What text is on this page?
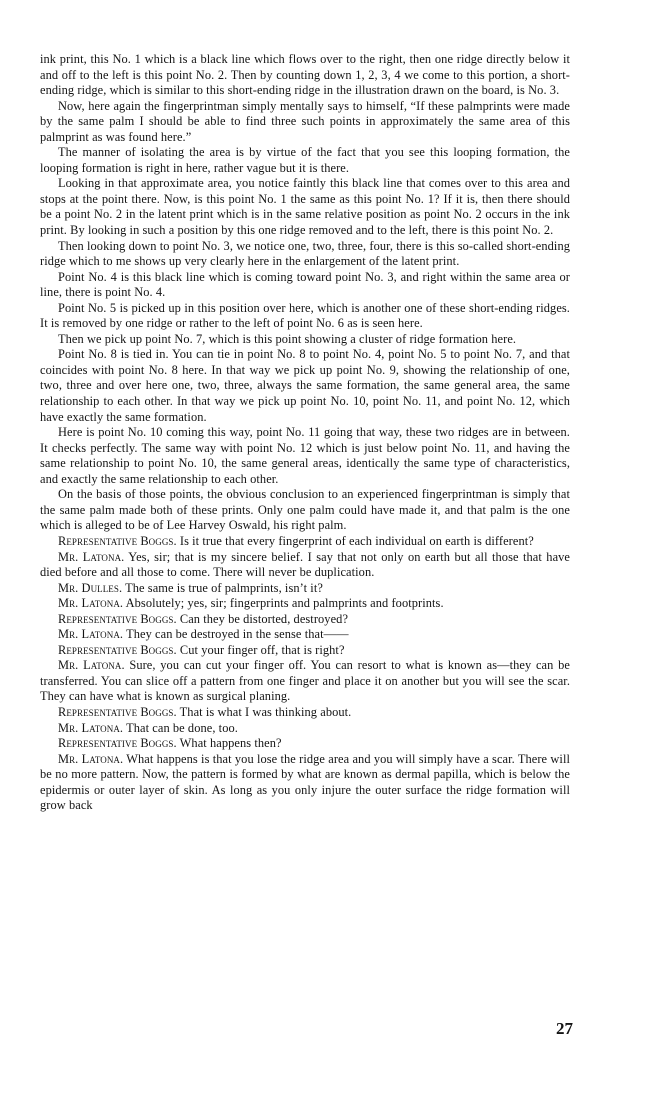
ink print, this No. 1 which is a black line which flows over to the right, then one ridge directly below it and off to the left is this point No. 2. Then by counting down 1, 2, 3, 4 we come to this portion, a short-ending ridge, which is similar to this short-ending ridge in the illustration drawn on the board, is No. 3.

Now, here again the fingerprintman simply mentally says to himself, “If these palmprints were made by the same palm I should be able to find three such points in approximately the same area of this palmprint as was found here.”

The manner of isolating the area is by virtue of the fact that you see this looping formation, the looping formation is right in here, rather vague but it is there.

Looking in that approximate area, you notice faintly this black line that comes over to this area and stops at the point there. Now, is this point No. 1 the same as this point No. 1? If it is, then there should be a point No. 2 in the latent print which is in the same relative position as point No. 2 occurs in the ink print. By looking in such a position by this one ridge removed and to the left, there is this point No. 2.

Then looking down to point No. 3, we notice one, two, three, four, there is this so-called short-ending ridge which to me shows up very clearly here in the enlargement of the latent print.

Point No. 4 is this black line which is coming toward point No. 3, and right within the same area or line, there is point No. 4.

Point No. 5 is picked up in this position over here, which is another one of these short-ending ridges. It is removed by one ridge or rather to the left of point No. 6 as is seen here.

Then we pick up point No. 7, which is this point showing a cluster of ridge formation here.

Point No. 8 is tied in. You can tie in point No. 8 to point No. 4, point No. 5 to point No. 7, and that coincides with point No. 8 here. In that way we pick up point No. 9, showing the relationship of one, two, three and over here one, two, three, always the same formation, the same general area, the same relationship to each other. In that way we pick up point No. 10, point No. 11, and point No. 12, which have exactly the same formation.

Here is point No. 10 coming this way, point No. 11 going that way, these two ridges are in between. It checks perfectly. The same way with point No. 12 which is just below point No. 11, and having the same relationship to point No. 10, the same general areas, identically the same type of characteristics, and exactly the same relationship to each other.

On the basis of those points, the obvious conclusion to an experienced fingerprintman is simply that the same palm made both of these prints. Only one palm could have made it, and that palm is the one which is alleged to be of Lee Harvey Oswald, his right palm.

Representative Boggs. Is it true that every fingerprint of each individual on earth is different?

Mr. Latona. Yes, sir; that is my sincere belief. I say that not only on earth but all those that have died before and all those to come. There will never be duplication.

Mr. Dulles. The same is true of palmprints, isn’t it?

Mr. Latona. Absolutely; yes, sir; fingerprints and palmprints and footprints.

Representative Boggs. Can they be distorted, destroyed?

Mr. Latona. They can be destroyed in the sense that——

Representative Boggs. Cut your finger off, that is right?

Mr. Latona. Sure, you can cut your finger off. You can resort to what is known as—they can be transferred. You can slice off a pattern from one finger and place it on another but you will see the scar. They can have what is known as surgical planing.

Representative Boggs. That is what I was thinking about.

Mr. Latona. That can be done, too.

Representative Boggs. What happens then?

Mr. Latona. What happens is that you lose the ridge area and you will simply have a scar. There will be no more pattern. Now, the pattern is formed by what are known as dermal papilla, which is below the epidermis or outer layer of skin. As long as you only injure the outer surface the ridge formation will grow back

27
